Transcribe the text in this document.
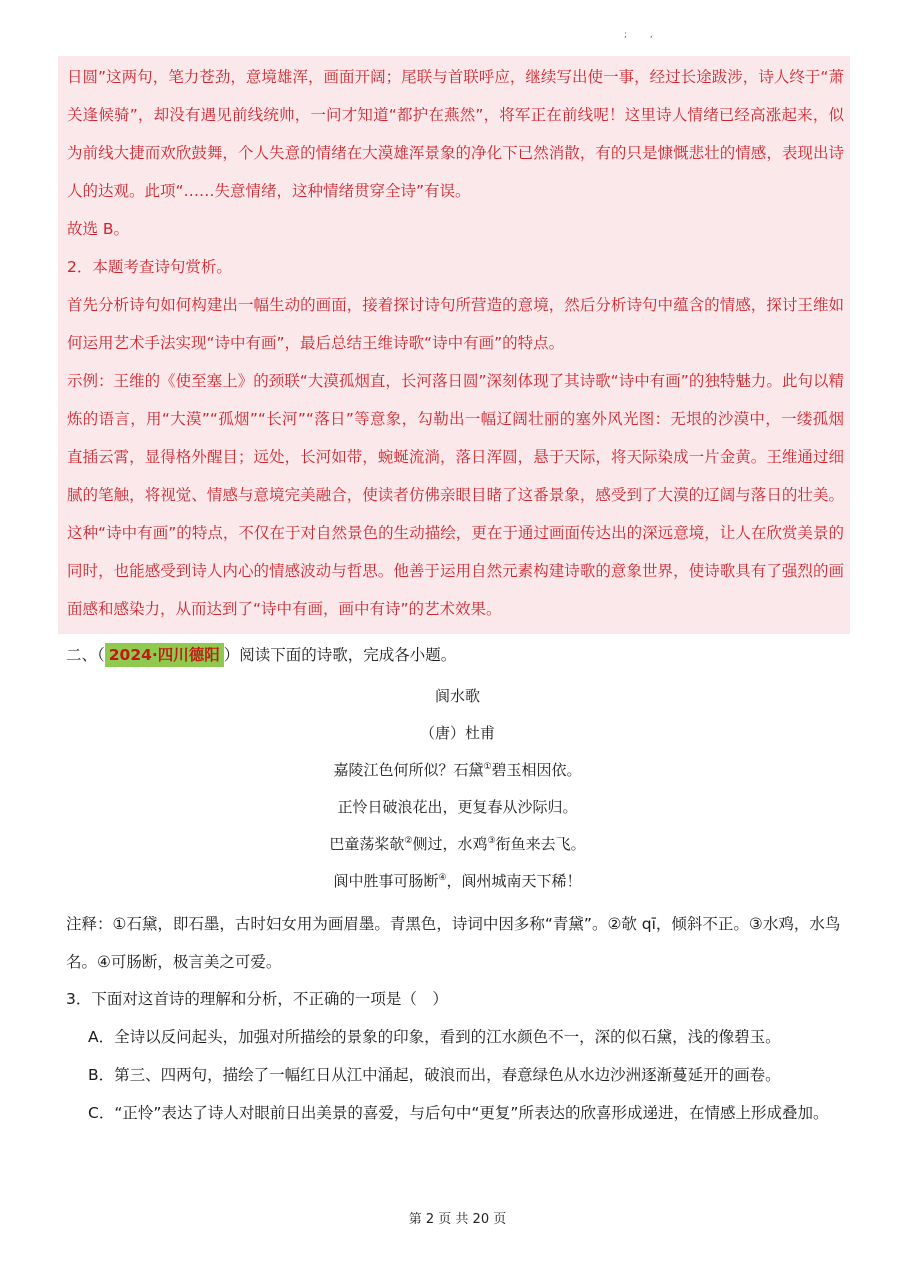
; ,

日圆”这两句，笔力苍劲，意境雄浑，画面开阔；尾联与首联呼应，继续写出使一事，经过长途跋涉，诗人终于“萧关逢候骑”，却没有遇见前线统帅，一问才知道“都护在燕然”，将军正在前线呢！这里诗人情绪已经高涨起来，似为前线大捷而欢欣鼓舞，个人失意的情绪在大漠雄浑景象的净化下已然消散，有的只是慷慨悲壮的情感，表现出诗人的达观。此项“……失意情绪，这种情绪贯穿全诗”有误。

故选 B。

2．本题考查诗句赏析。

首先分析诗句如何构建出一幅生动的画面，接着探讨诗句所营造的意境，然后分析诗句中蕴含的情感，探讨王维如何运用艺术手法实现“诗中有画”，最后总结王维诗歌“诗中有画”的特点。

示例：王维的《使至塞上》的颈联“大漠孤烟直，长河落日圆”深刻体现了其诗歌“诗中有画”的独特魅力。此句以精炼的语言，用“大漠”“孤烟”“长河”“落日”等意象，勾勒出一幅辽阔壮丽的塞外风光图：无垠的沙漠中，一缕孤烟直插云霄，显得格外醒目；远处，长河如带，蜿蜒流淌，落日浑圆，悬于天际，将天际染成一片金黄。王维通过细腻的笔触，将视觉、情感与意境完美融合，使读者仿佛亲眼目睹了这番景象，感受到了大漠的辽阔与落日的壮美。这种“诗中有画”的特点，不仅在于对自然景色的生动描绘，更在于通过画面传达出的深远意境，让人在欣赏美景的同时，也能感受到诗人内心的情感波动与哲思。他善于运用自然元素构建诗歌的意象世界，使诗歌具有了强烈的画面感和感染力，从而达到了“诗中有画，画中有诗”的艺术效果。

二、（ 2024·四川德阳 ）阅读下面的诗歌，完成各小题。
阆水歌
（唐）杜甫
嘉陵江色何所似？石黛①碧玉相因依。
正怜日破浪花出，更复春从沙际归。
巴童荡桨欹②侧过，水鸡③衔鱼来去飞。
阆中胜事可肠断④，阆州城南天下稀！

注释：①石黛，即石墨，古时妇女用为画眉墨。青黑色，诗词中因多称“青黛”。②欹 qī，倾斜不正。③水鸡，水鸟名。④可肠断，极言美之可爱。

3．下面对这首诗的理解和分析，不正确的一项是（　）

A．全诗以反问起头，加强对所描绘的景象的印象，看到的江水颜色不一，深的似石黛，浅的像碧玉。

B．第三、四两句，描绘了一幅红日从江中涌起，破浪而出，春意绿色从水边沙洲逐渐蔓延开的画卷。

C．“正怜”表达了诗人对眼前日出美景的喜爱，与后句中“更复”所表达的欣喜形成递进，在情感上形成叠加。

第 2 页 共 20 页
